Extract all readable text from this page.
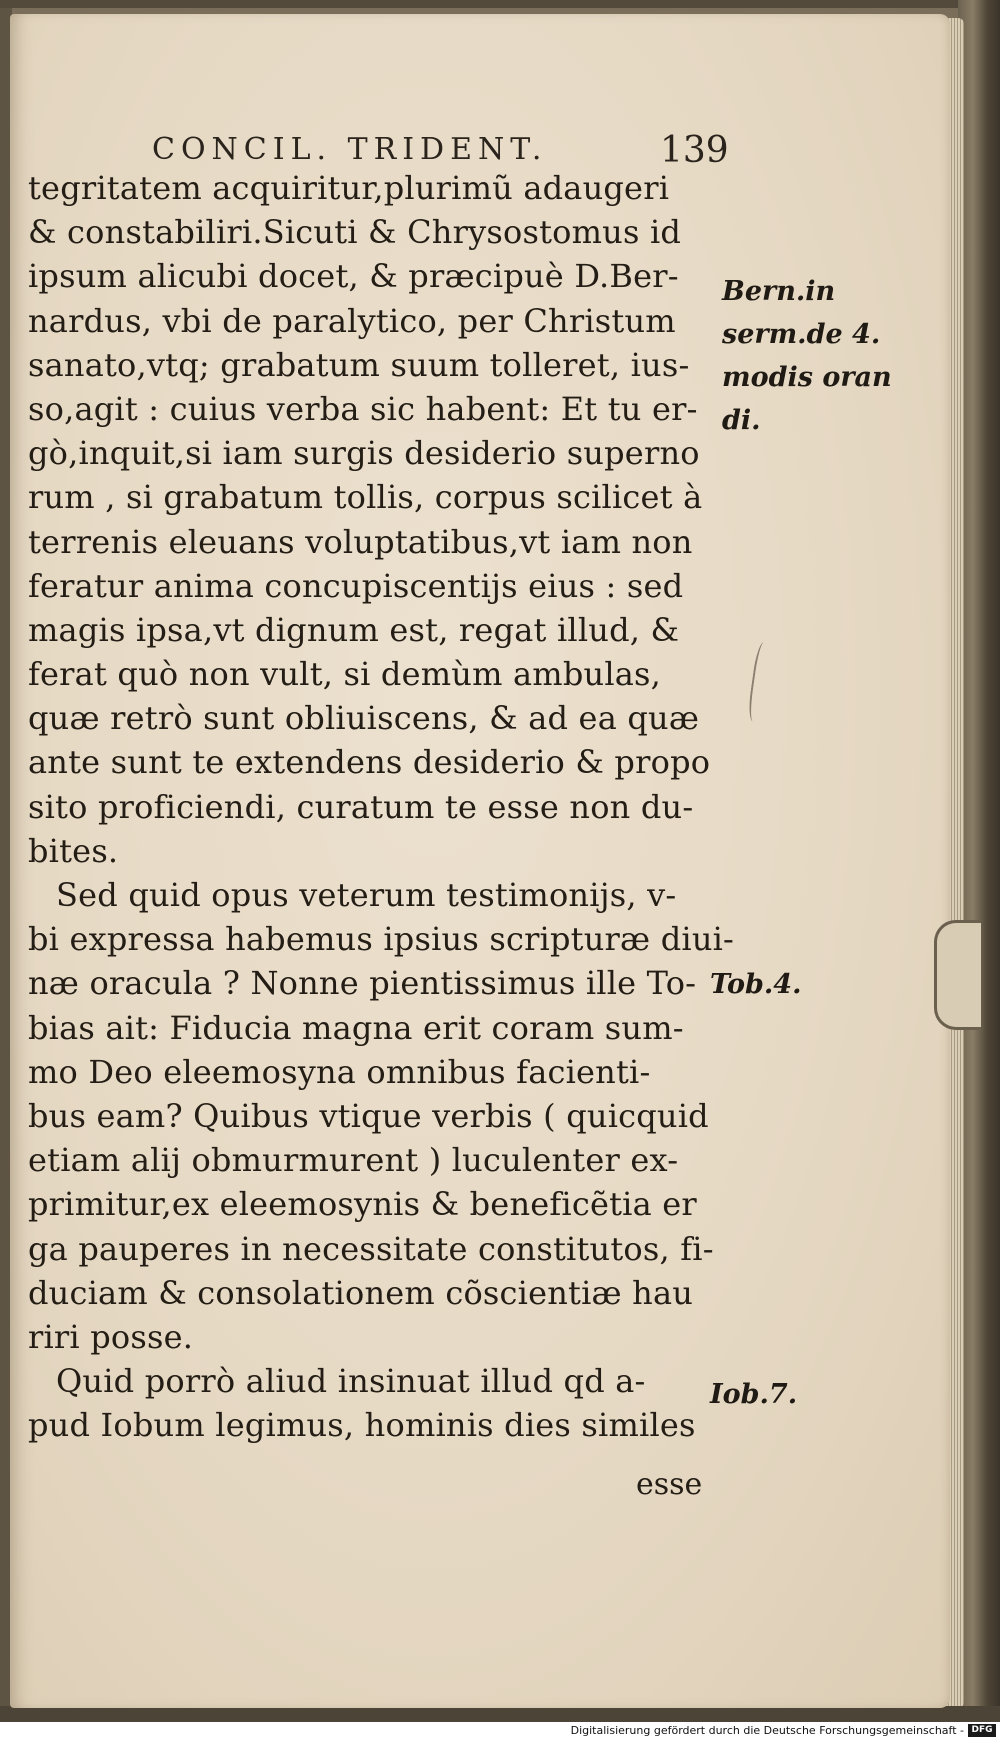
CONCIL. TRIDENT.	139
tegritatem acquiritur,plurimũ adaugeri
& constabiliri.Sicuti & Chrysostomus id
ipsum alicubi docet, & præcipuè D.Ber-
nardus, vbi de paralytico, per Christum
sanato,vtq; grabatum suum tolleret, ius-
so,agit : cuius verba sic habent: Et tu er-
gò,inquit,si iam surgis desiderio superno
rum , si grabatum tollis, corpus scilicet à
terrenis eleuans voluptatibus,vt iam non
feratur anima concupiscentijs eius : sed
magis ipsa,vt dignum est, regat illud, &
ferat quò non vult, si demùm ambulas,
quæ retrò sunt obliuiscens, & ad ea quæ
ante sunt te extendens desiderio & propo
sito proficiendi, curatum te esse non du-
bites.
Sed quid opus veterum testimonijs, v-
bi expressa habemus ipsius scripturæ diui-
næ oracula ? Nonne pientissimus ille To-
bias ait: Fiducia magna erit coram sum-
mo Deo eleemosyna omnibus facienti-
bus eam? Quibus vtique verbis ( quicquid
etiam alij obmurmurent ) luculenter ex-
primitur,ex eleemosynis & beneficẽtia er
ga pauperes in necessitate constitutos, fi-
duciam & consolationem cõscientiæ hau
riri posse.
Quid porrò aliud insinuat illud qd a-
pud Iobum legimus, hominis dies similes
esse
Bern.in
serm.de 4.
modis oran
di.
Tob.4.
Iob.7.
Digitalisierung gefördert durch die Deutsche Forschungsgemeinschaft - DFG
